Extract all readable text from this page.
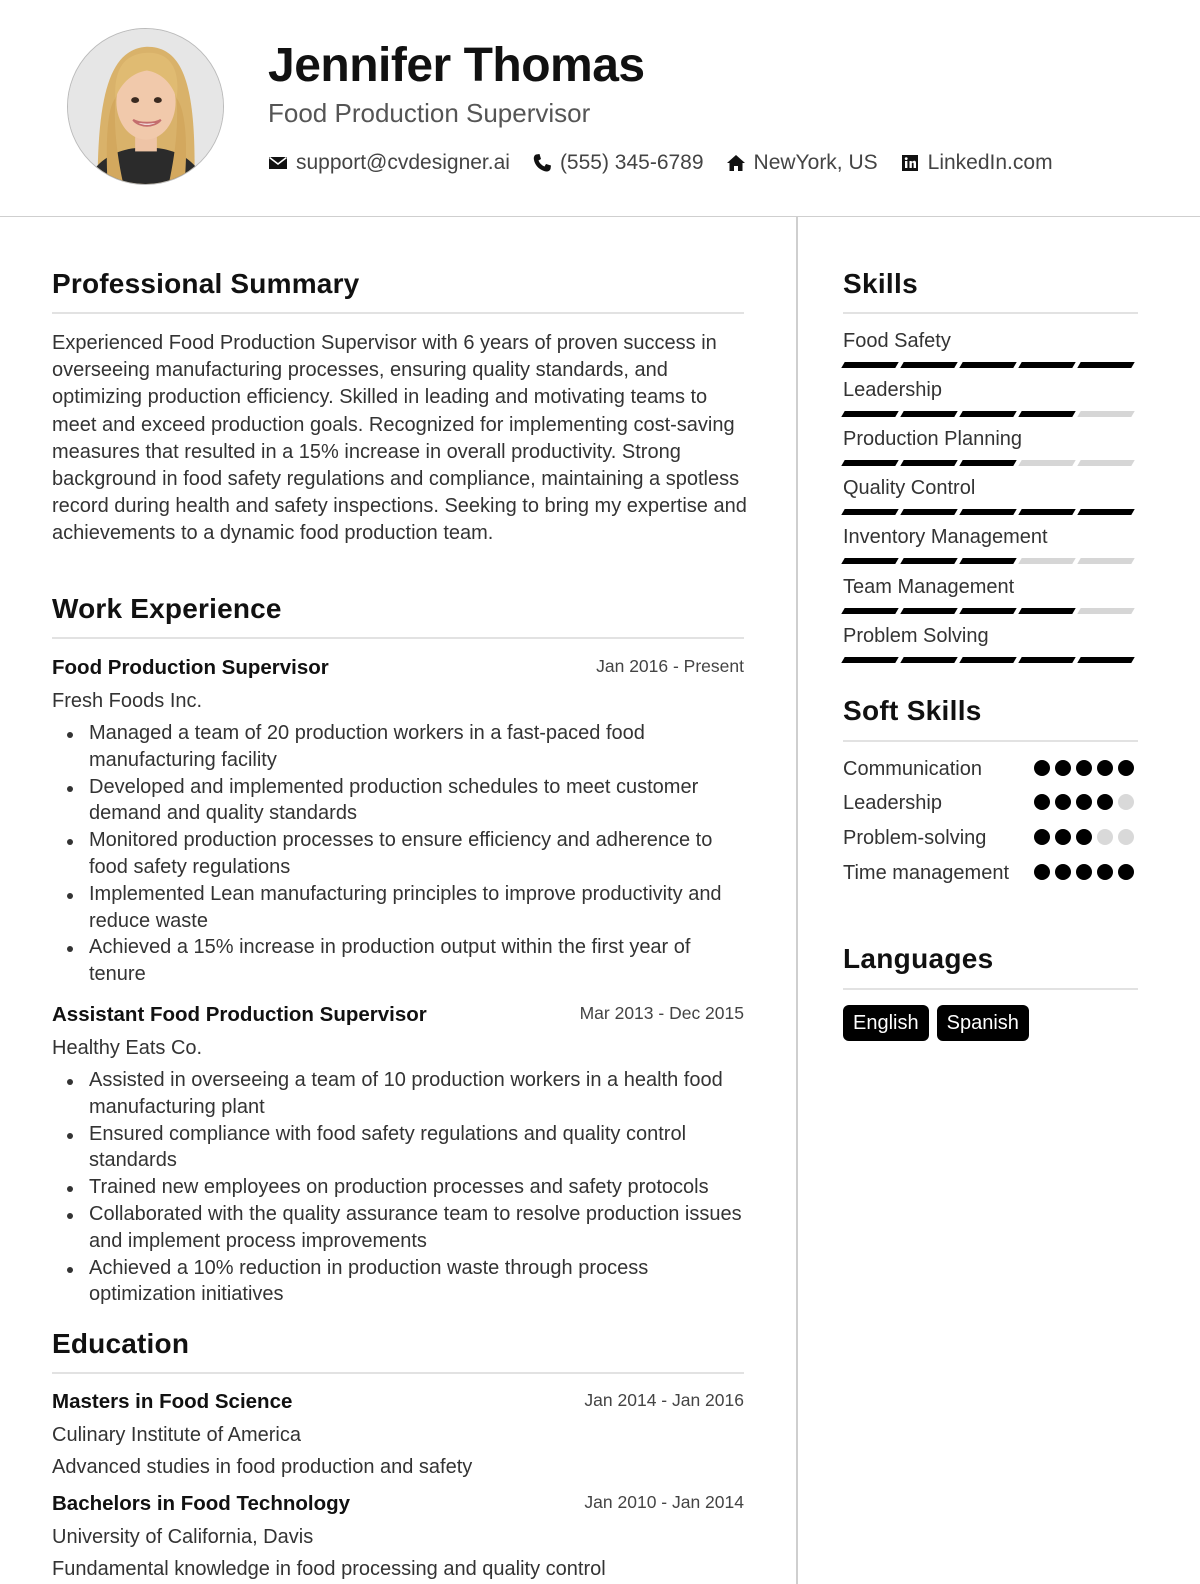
Jennifer Thomas
Food Production Supervisor
support@cvdesigner.ai (555) 345-6789 NewYork, US LinkedIn.com
Professional Summary
Experienced Food Production Supervisor with 6 years of proven success in overseeing manufacturing processes, ensuring quality standards, and optimizing production efficiency. Skilled in leading and motivating teams to meet and exceed production goals. Recognized for implementing cost-saving measures that resulted in a 15% increase in overall productivity. Strong background in food safety regulations and compliance, maintaining a spotless record during health and safety inspections. Seeking to bring my expertise and achievements to a dynamic food production team.
Work Experience
Food Production Supervisor	Jan 2016 - Present
Fresh Foods Inc.
Managed a team of 20 production workers in a fast-paced food manufacturing facility
Developed and implemented production schedules to meet customer demand and quality standards
Monitored production processes to ensure efficiency and adherence to food safety regulations
Implemented Lean manufacturing principles to improve productivity and reduce waste
Achieved a 15% increase in production output within the first year of tenure
Assistant Food Production Supervisor	Mar 2013 - Dec 2015
Healthy Eats Co.
Assisted in overseeing a team of 10 production workers in a health food manufacturing plant
Ensured compliance with food safety regulations and quality control standards
Trained new employees on production processes and safety protocols
Collaborated with the quality assurance team to resolve production issues and implement process improvements
Achieved a 10% reduction in production waste through process optimization initiatives
Education
Masters in Food Science	Jan 2014 - Jan 2016
Culinary Institute of America
Advanced studies in food production and safety
Bachelors in Food Technology	Jan 2010 - Jan 2014
University of California, Davis
Fundamental knowledge in food processing and quality control
Skills
Food Safety
Leadership
Production Planning
Quality Control
Inventory Management
Team Management
Problem Solving
Soft Skills
Communication
Leadership
Problem-solving
Time management
Languages
English	Spanish
